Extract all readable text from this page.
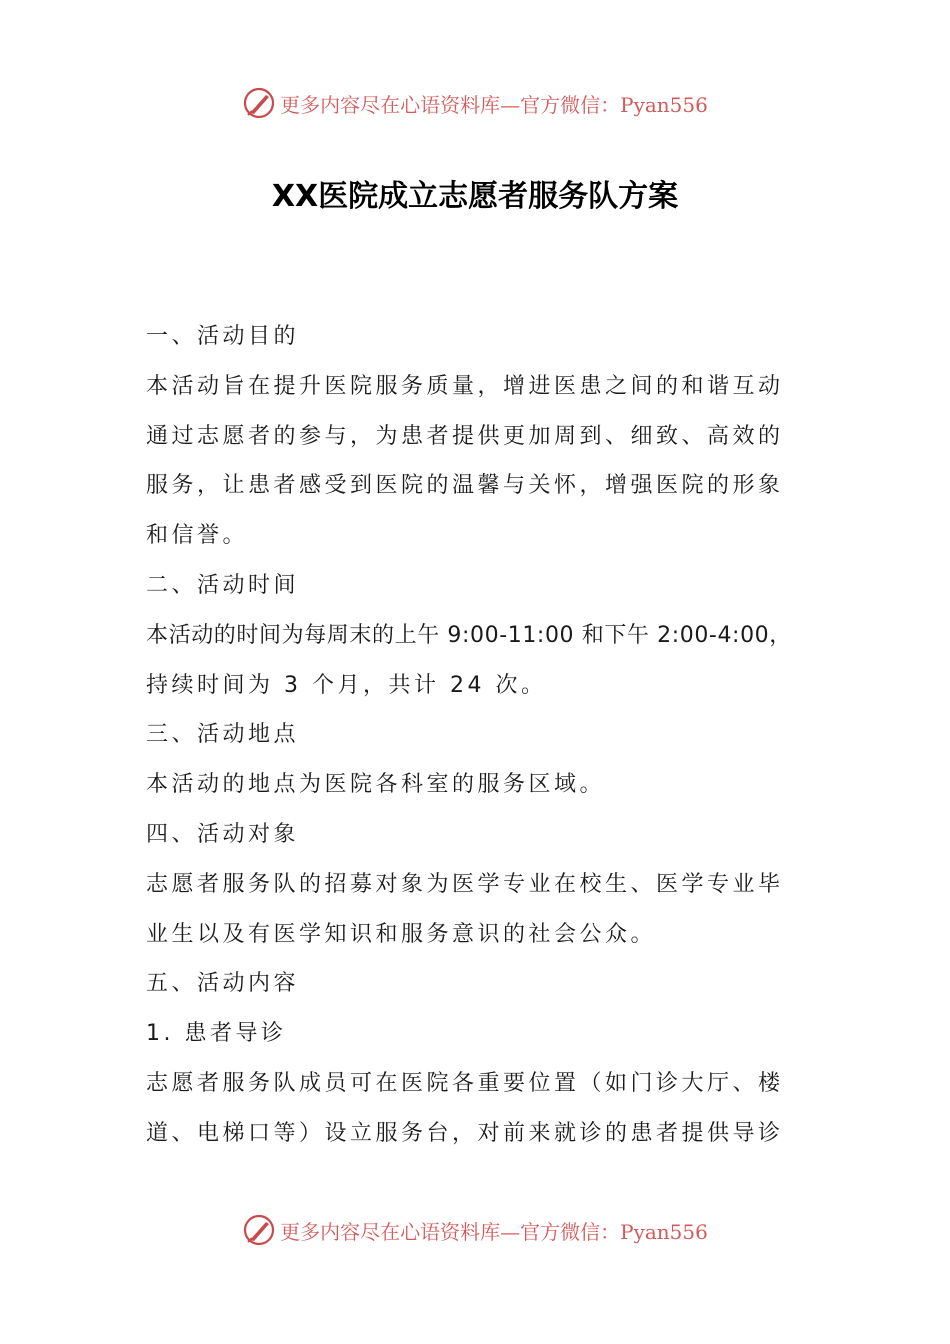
更多内容尽在心语资料库—官方微信：Pyan556
XX医院成立志愿者服务队方案
一、活动目的
本活动旨在提升医院服务质量，增进医患之间的和谐互动
通过志愿者的参与，为患者提供更加周到、细致、高效的
服务，让患者感受到医院的温馨与关怀，增强医院的形象
和信誉。
二、活动时间
本活动的时间为每周末的上午 9:00-11:00 和下午 2:00-4:00，
持续时间为 3 个月，共计 24 次。
三、活动地点
本活动的地点为医院各科室的服务区域。
四、活动对象
志愿者服务队的招募对象为医学专业在校生、医学专业毕
业生以及有医学知识和服务意识的社会公众。
五、活动内容
1. 患者导诊
志愿者服务队成员可在医院各重要位置（如门诊大厅、楼
道、电梯口等）设立服务台，对前来就诊的患者提供导诊
更多内容尽在心语资料库—官方微信：Pyan556
